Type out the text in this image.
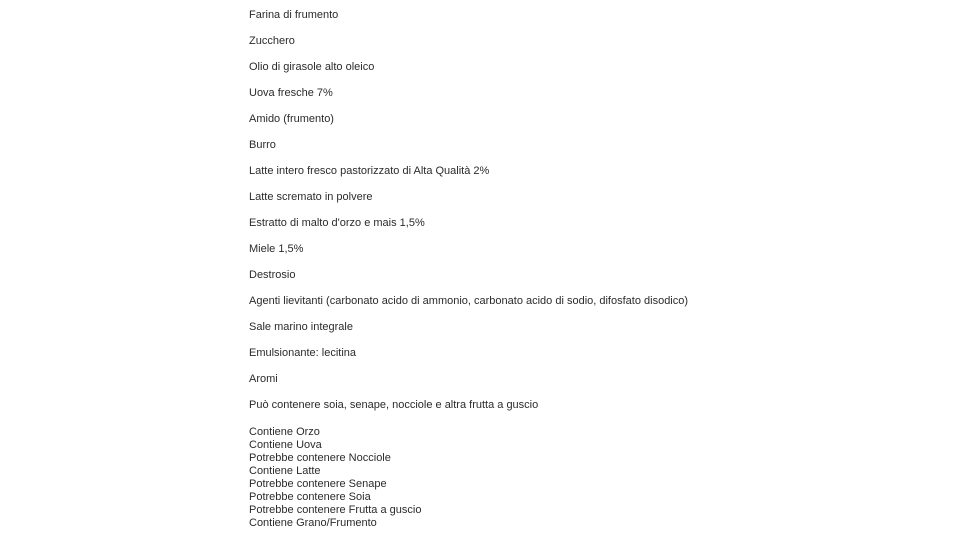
Farina di frumento
Zucchero
Olio di girasole alto oleico
Uova fresche 7%
Amido (frumento)
Burro
Latte intero fresco pastorizzato di Alta Qualità 2%
Latte scremato in polvere
Estratto di malto d'orzo e mais 1,5%
Miele 1,5%
Destrosio
Agenti lievitanti (carbonato acido di ammonio, carbonato acido di sodio, difosfato disodico)
Sale marino integrale
Emulsionante: lecitina
Aromi
Può contenere soia, senape, nocciole e altra frutta a guscio
Contiene Orzo
Contiene Uova
Potrebbe contenere Nocciole
Contiene Latte
Potrebbe contenere Senape
Potrebbe contenere Soia
Potrebbe contenere Frutta a guscio
Contiene Grano/Frumento
